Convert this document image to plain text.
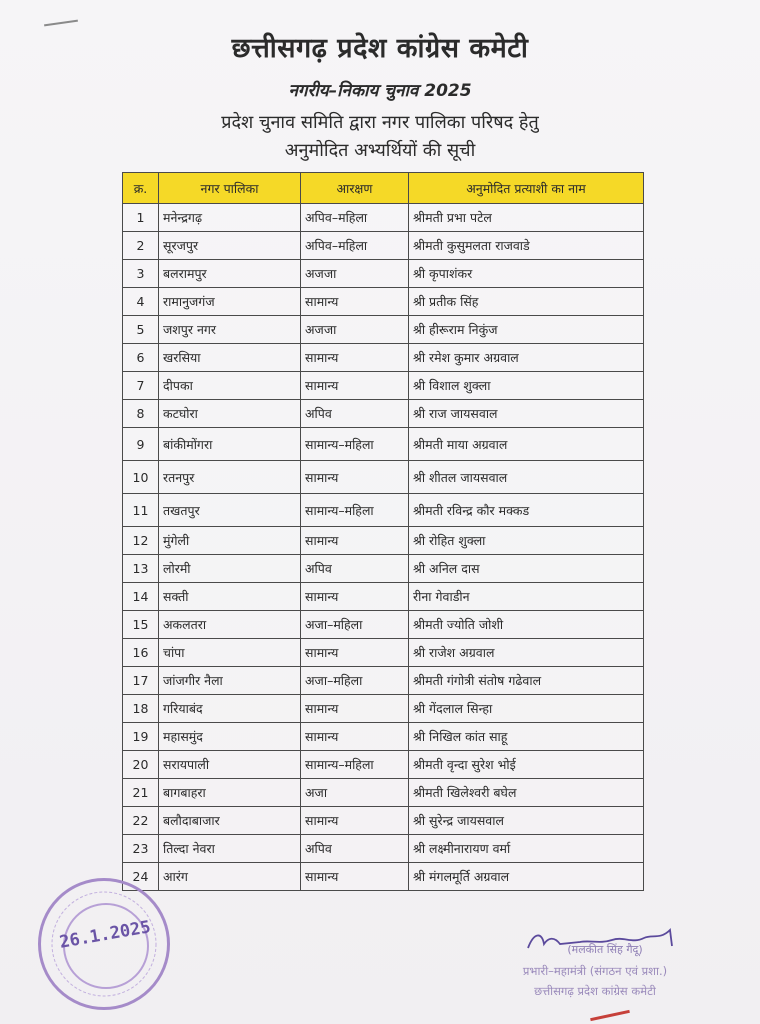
छत्तीसगढ़ प्रदेश कांग्रेस कमेटी
नगरीय–निकाय चुनाव 2025
प्रदेश चुनाव समिति द्वारा नगर पालिका परिषद हेतु
अनुमोदित अभ्यर्थियों की सूची
क्र.	नगर पालिका	आरक्षण	अनुमोदित प्रत्याशी का नाम
1	मनेन्द्रगढ़	अपिव–महिला	श्रीमती प्रभा पटेल
2	सूरजपुर	अपिव–महिला	श्रीमती कुसुमलता राजवाडे
3	बलरामपुर	अजजा	श्री कृपाशंकर
4	रामानुजगंज	सामान्य	श्री प्रतीक सिंह
5	जशपुर नगर	अजजा	श्री हीरूराम निकुंज
6	खरसिया	सामान्य	श्री रमेश कुमार अग्रवाल
7	दीपका	सामान्य	श्री विशाल शुक्ला
8	कटघोरा	अपिव	श्री राज जायसवाल
9	बांकीमोंगरा	सामान्य–महिला	श्रीमती माया अग्रवाल
10	रतनपुर	सामान्य	श्री शीतल जायसवाल
11	तखतपुर	सामान्य–महिला	श्रीमती रविन्द्र कौर मक्कड
12	मुंगेली	सामान्य	श्री रोहित शुक्ला
13	लोरमी	अपिव	श्री अनिल दास
14	सक्ती	सामान्य	रीना गेवाडीन
15	अकलतरा	अजा–महिला	श्रीमती ज्योति जोशी
16	चांपा	सामान्य	श्री राजेश अग्रवाल
17	जांजगीर नैला	अजा–महिला	श्रीमती गंगोत्री संतोष गढेवाल
18	गरियाबंद	सामान्य	श्री गेंदलाल सिन्हा
19	महासमुंद	सामान्य	श्री निखिल कांत साहू
20	सरायपाली	सामान्य–महिला	श्रीमती वृन्दा सुरेश भोई
21	बागबाहरा	अजा	श्रीमती खिलेश्वरी बघेल
22	बलौदाबाजार	सामान्य	श्री सुरेन्द्र जायसवाल
23	तिल्दा नेवरा	अपिव	श्री लक्ष्मीनारायण वर्मा
24	आरंग	सामान्य	श्री मंगलमूर्ति अग्रवाल
26.1.2025	(मलकीत सिंह गैदू)
प्रभारी–महामंत्री (संगठन एवं प्रशा.)
छत्तीसगढ़ प्रदेश कांग्रेस कमेटी
